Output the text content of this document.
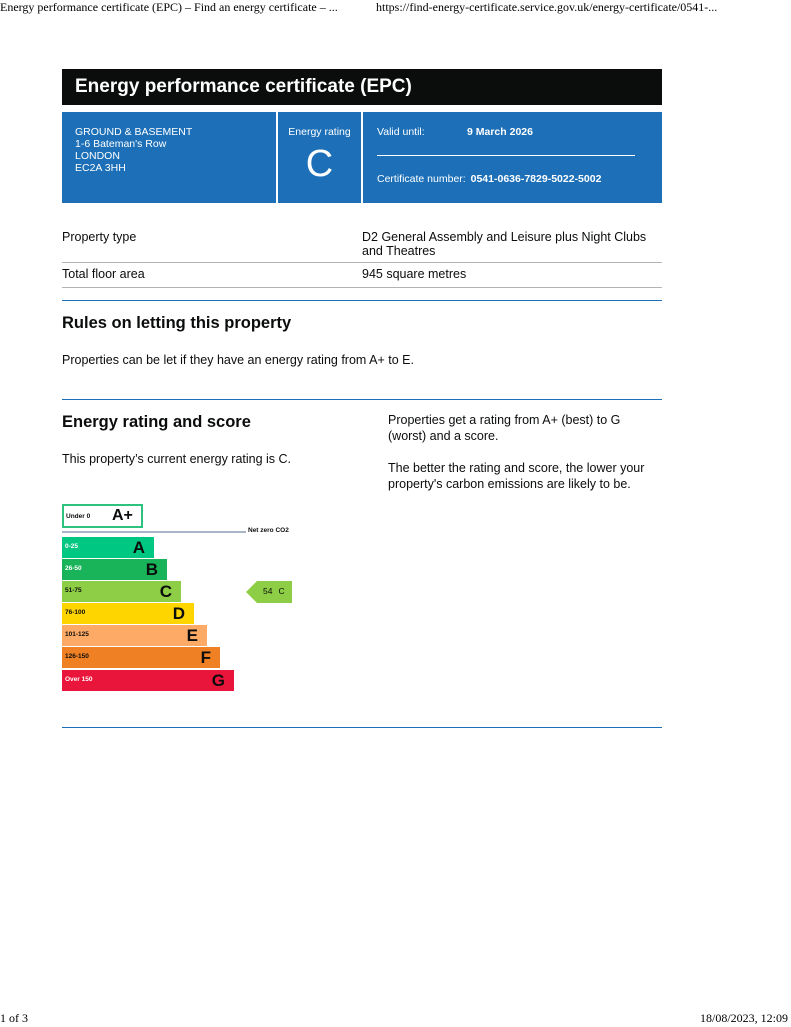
Energy performance certificate (EPC) – Find an energy certificate – ...	https://find-energy-certificate.service.gov.uk/energy-certificate/0541-...
Energy performance certificate (EPC)
GROUND & BASEMENT
1-6 Bateman's Row
LONDON
EC2A 3HH
Energy rating
C
Valid until:	9 March 2026
Certificate number: 0541-0636-7829-5022-5002
Property type	D2 General Assembly and Leisure plus Night Clubs and Theatres
Total floor area	945 square metres
Rules on letting this property
Properties can be let if they have an energy rating from A+ to E.
Energy rating and score
This property’s current energy rating is C.
Properties get a rating from A+ (best) to G (worst) and a score.
The better the rating and score, the lower your property's carbon emissions are likely to be.
Under 0 A+
Net zero CO2
0-25	A
26-50	B
51-75	C
76-100	D
101-125	E
126-150	F
Over 150	G
54 C
1 of 3	18/08/2023, 12:09
